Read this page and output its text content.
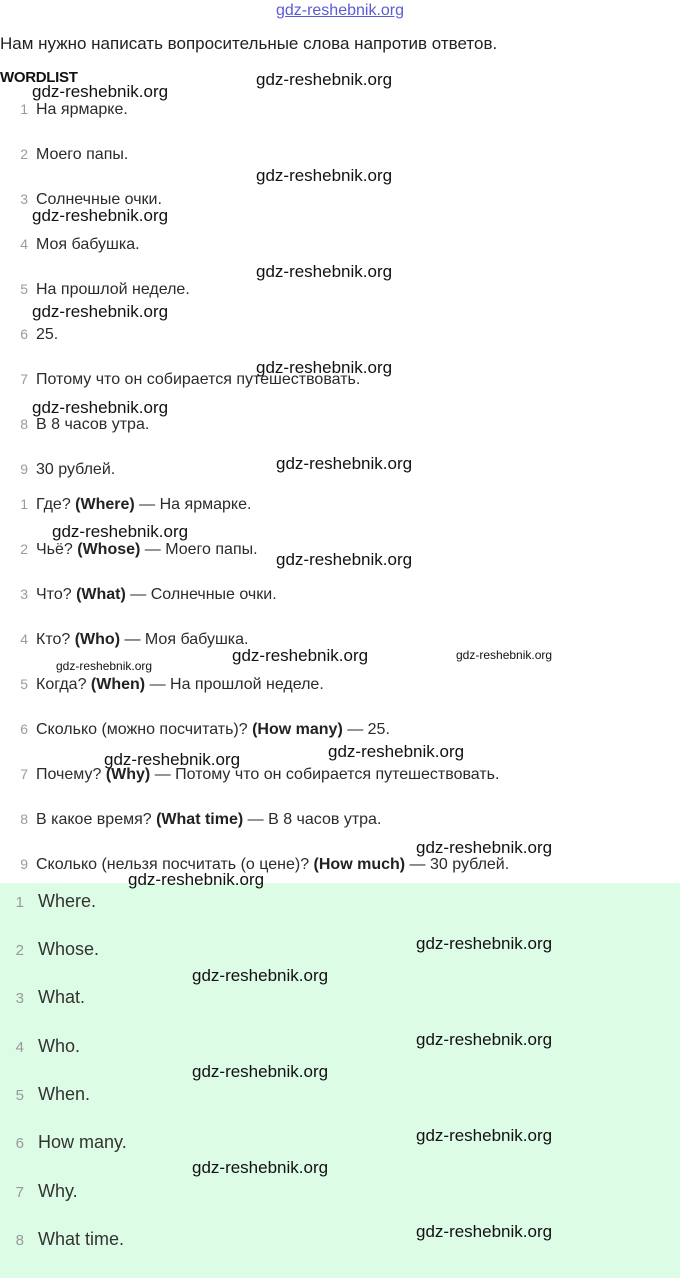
gdz-reshebnik.org
Нам нужно написать вопросительные слова напротив ответов.
WORDLIST
1 На ярмарке.
2 Моего папы.
3 Солнечные очки.
4 Моя бабушка.
5 На прошлой неделе.
6 25.
7 Потому что он собирается путешествовать.
8 В 8 часов утра.
9 30 рублей.
1 Где? (Where) — На ярмарке.
2 Чьё? (Whose) — Моего папы.
3 Что? (What) — Солнечные очки.
4 Кто? (Who) — Моя бабушка.
5 Когда? (When) — На прошлой неделе.
6 Сколько (можно посчитать)? (How many) — 25.
7 Почему? (Why) — Потому что он собирается путешествовать.
8 В какое время? (What time) — В 8 часов утра.
9 Сколько (нельзя посчитать (о цене)? (How much) — 30 рублей.
1 Where.
2 Whose.
3 What.
4 Who.
5 When.
6 How many.
7 Why.
8 What time.
gdz-reshebnik.org
gdz-reshebnik.org
gdz-reshebnik.org
gdz-reshebnik.org
gdz-reshebnik.org
gdz-reshebnik.org
gdz-reshebnik.org
gdz-reshebnik.org
gdz-reshebnik.org
gdz-reshebnik.org
gdz-reshebnik.org
gdz-reshebnik.org
gdz-reshebnik.org
gdz-reshebnik.org
gdz-reshebnik.org	gdz-reshebnik.org
gdz-reshebnik.org
gdz-reshebnik.org
gdz-reshebnik.org
gdz-reshebnik.org
gdz-reshebnik.org
gdz-reshebnik.org
gdz-reshebnik.org
gdz-reshebnik.org
gdz-reshebnik.org
